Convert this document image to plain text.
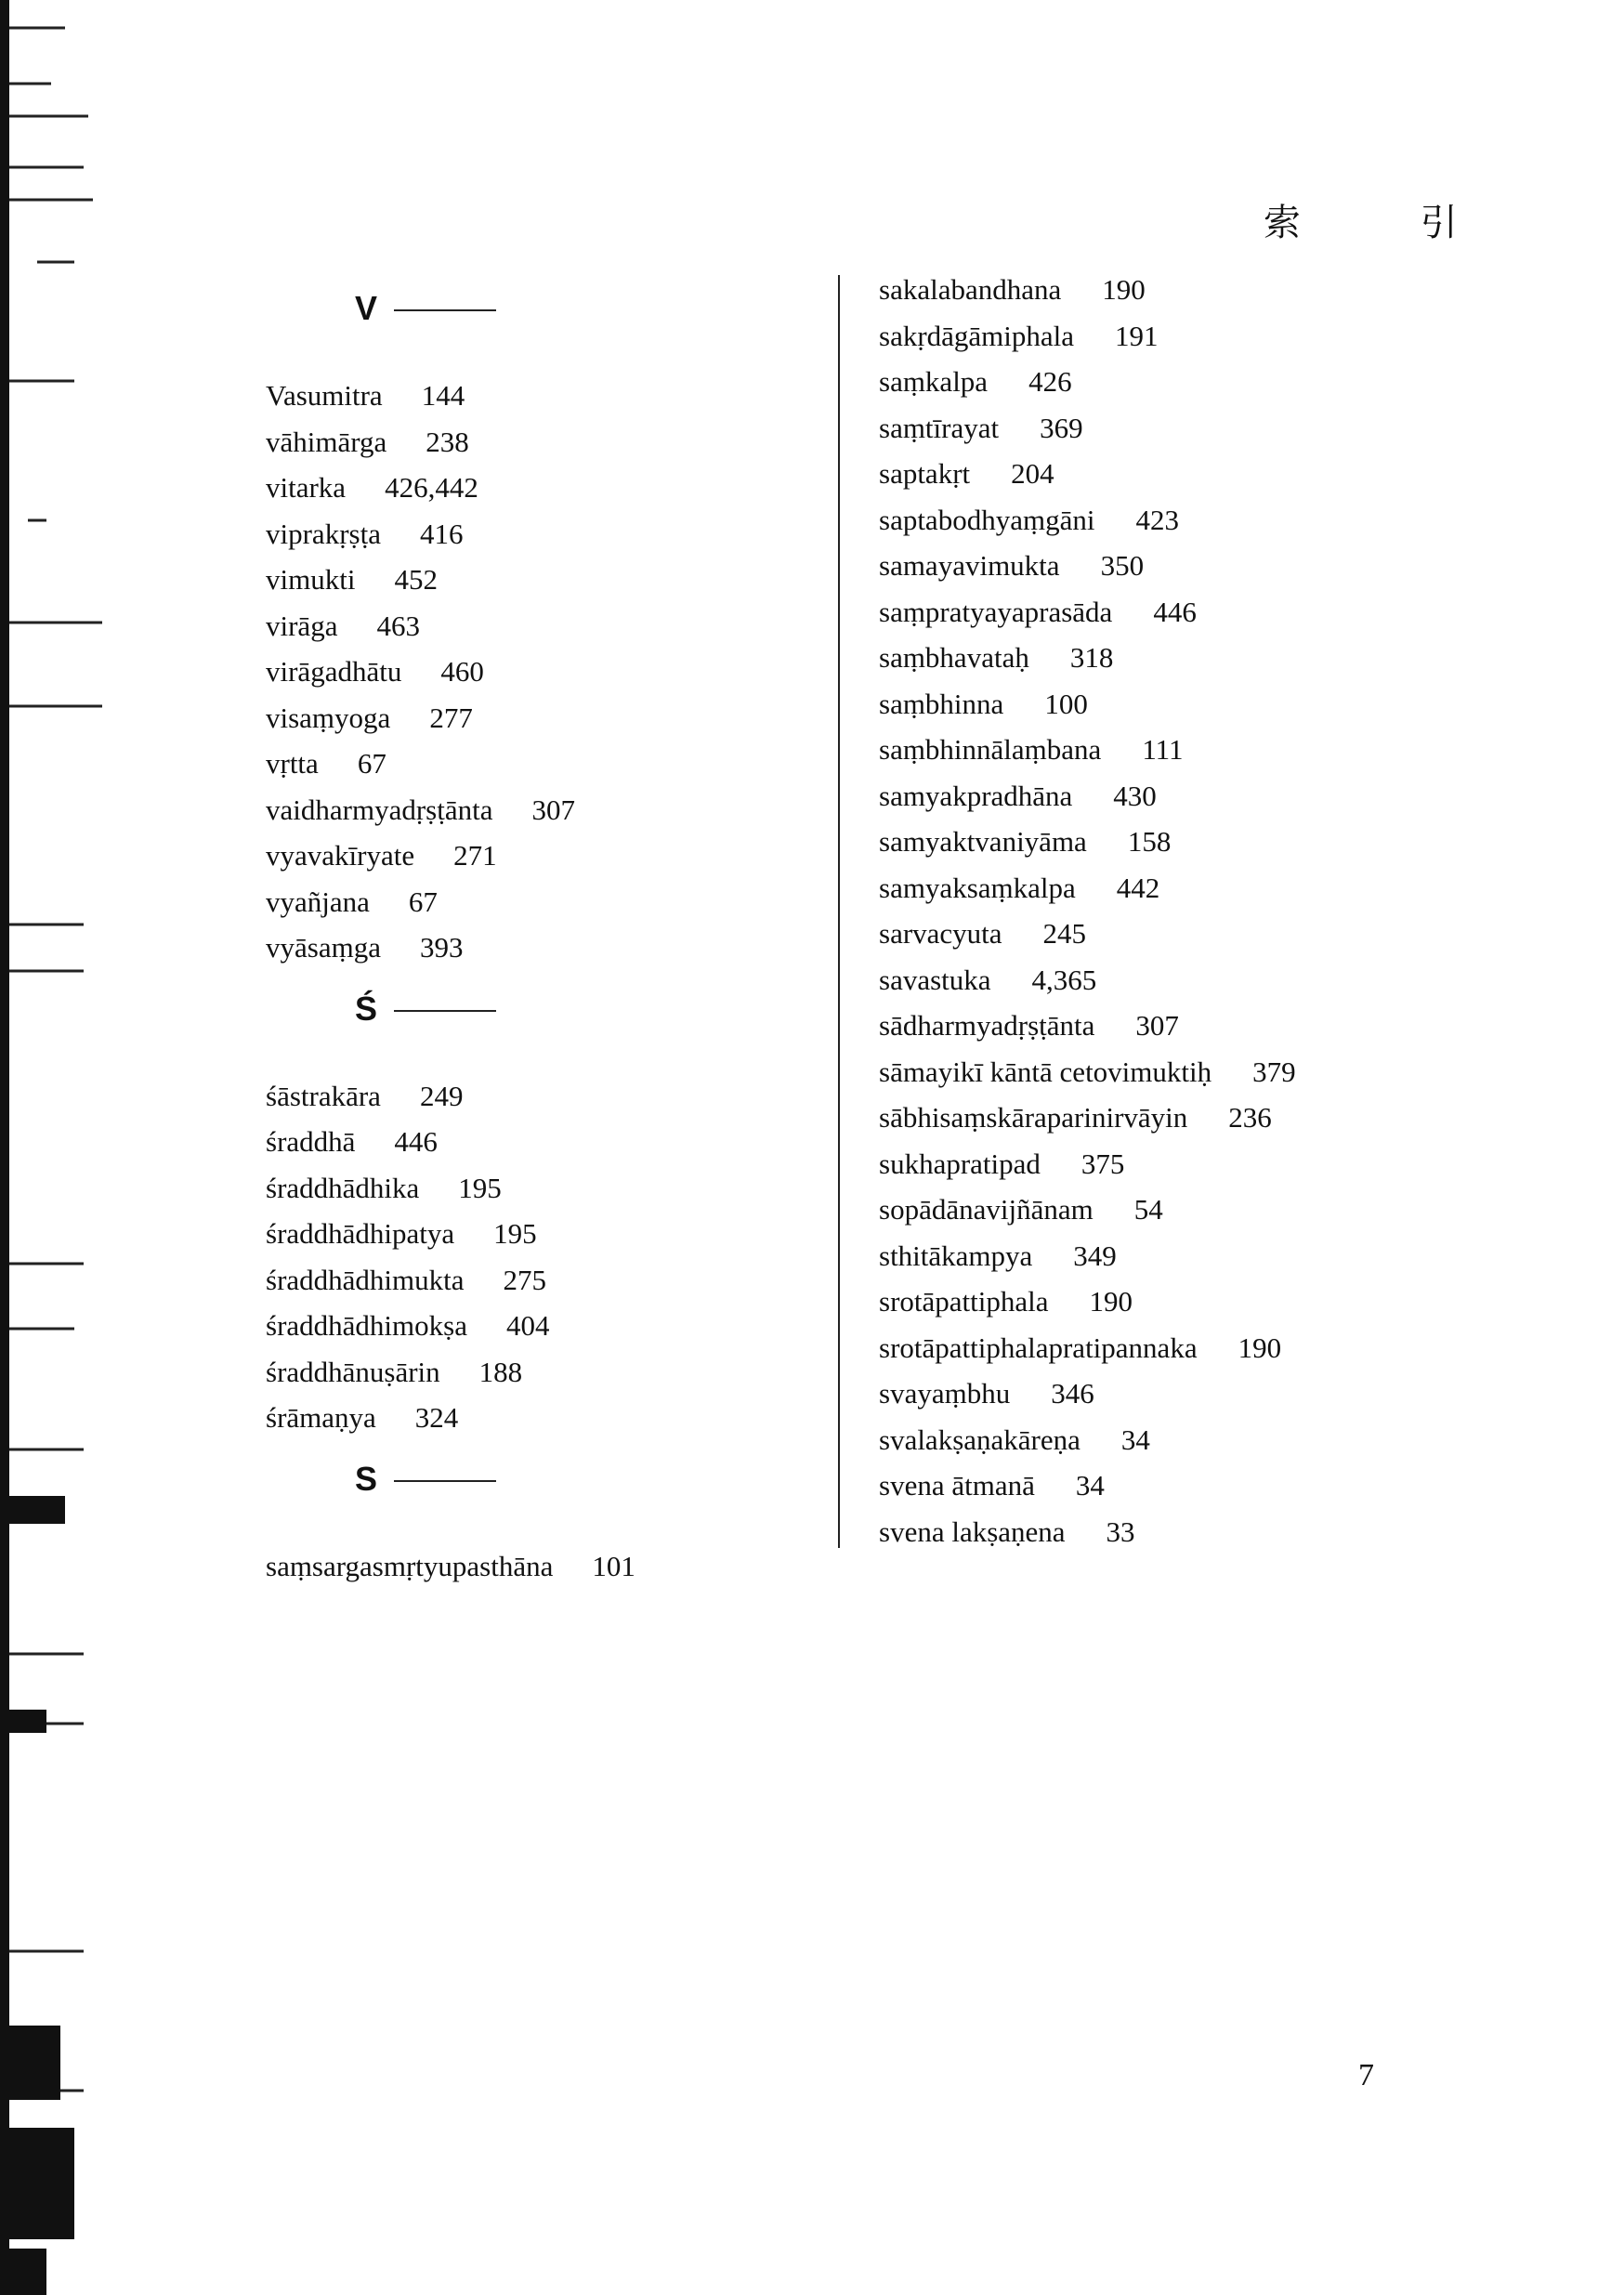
索 引
V
Vasumitra 144
vāhimārga 238
vitarka 426,442
viprakṛṣṭa 416
vimukti 452
virāga 463
virāgadhātu 460
visaṃyoga 277
vṛtta 67
vaidharmyadṛṣṭānta 307
vyavakīryate 271
vyañjana 67
vyāsaṃga 393
Ś
śāstrakāra 249
śraddhā 446
śraddhādhika 195
śraddhādhipatya 195
śraddhādhimukta 275
śraddhādhimokṣa 404
śraddhānuṣārin 188
śrāmaṇya 324
S
saṃsargasmṛtyupasthāna 101
sakalabandhana 190
sakṛdāgāmiphala 191
saṃkalpa 426
saṃtīrayat 369
saptakṛt 204
saptabodhyaṃgāni 423
samayavimukta 350
saṃpratyayaprasāda 446
saṃbhavataḥ 318
saṃbhinna 100
saṃbhinnālaṃbana 111
samyakpradhāna 430
samyaktvaniyāma 158
samyaksaṃkalpa 442
sarvacyuta 245
savastuka 4,365
sādharmyadṛṣṭānta 307
sāmayikī kāntā cetovimuktiḥ 379
sābhisaṃskāraparinirvāyin 236
sukhapratipad 375
sopādānavijñānam 54
sthitākampya 349
srotāpattiphala 190
srotāpattiphalapratipannaka 190
svayaṃbhu 346
svalakṣaṇakāreṇa 34
svena ātmanā 34
svena lakṣaṇena 33
7
